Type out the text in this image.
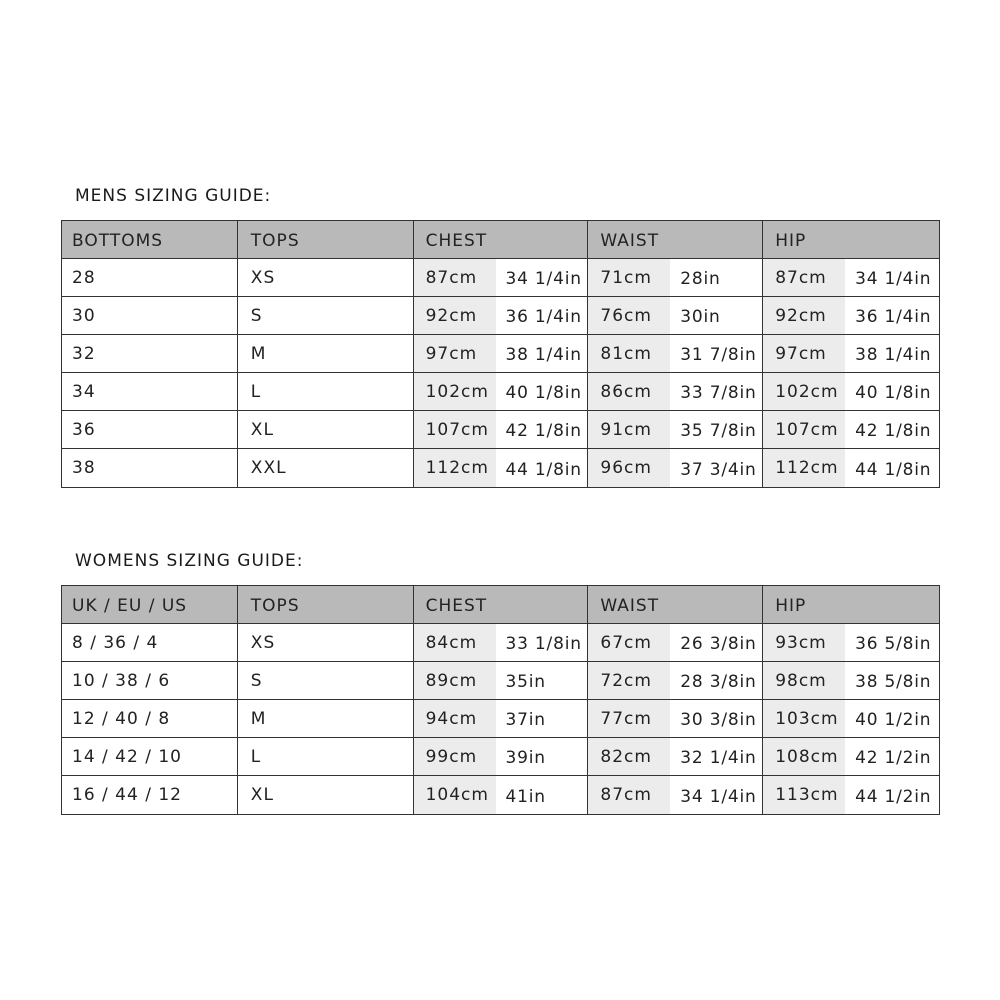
MENS SIZING GUIDE:
BOTTOMS	TOPS	CHEST	WAIST	HIP
28	XS	87cm	34 1/4in	71cm	28in	87cm	34 1/4in
30	S	92cm	36 1/4in	76cm	30in	92cm	36 1/4in
32	M	97cm	38 1/4in	81cm	31 7/8in	97cm	38 1/4in
34	L	102cm 40 1/8in	86cm	33 7/8in	102cm 40 1/8in
36	XL	107cm 42 1/8in	91cm	35 7/8in	107cm 42 1/8in
38	XXL	112cm 44 1/8in	96cm	37 3/4in	112cm 44 1/8in
WOMENS SIZING GUIDE:
UK / EU / US	TOPS	CHEST	WAIST	HIP
8 / 36 / 4	XS	84cm	33 1/8in	67cm	26 3/8in	93cm	36 5/8in
10 / 38 / 6	S	89cm	35in	72cm	28 3/8in	98cm	38 5/8in
12 / 40 / 8	M	94cm	37in	77cm	30 3/8in	103cm 40 1/2in
14 / 42 / 10	L	99cm	39in	82cm	32 1/4in	108cm 42 1/2in
16 / 44 / 12	XL	104cm 41in	87cm	34 1/4in	113cm 44 1/2in
